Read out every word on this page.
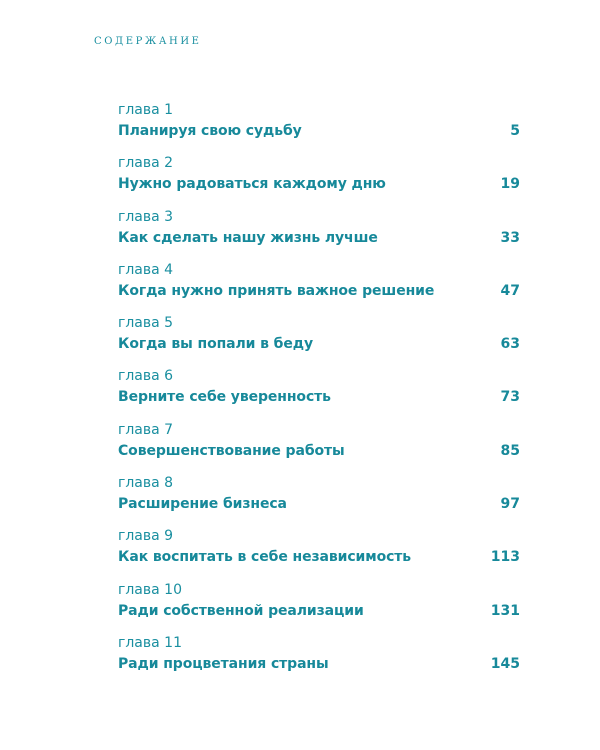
СОДЕРЖАНИЕ
глава 1
Планируя свою судьбу	5
глава 2
Нужно радоваться каждому дню	19
глава 3
Как сделать нашу жизнь лучше	33
глава 4
Когда нужно принять важное решение	47
глава 5
Когда вы попали в беду	63
глава 6
Верните себе уверенность	73
глава 7
Совершенствование работы	85
глава 8
Расширение бизнеса	97
глава 9
Как воспитать в себе независимость	113
глава 10
Ради собственной реализации	131
глава 11
Ради процветания страны	145
